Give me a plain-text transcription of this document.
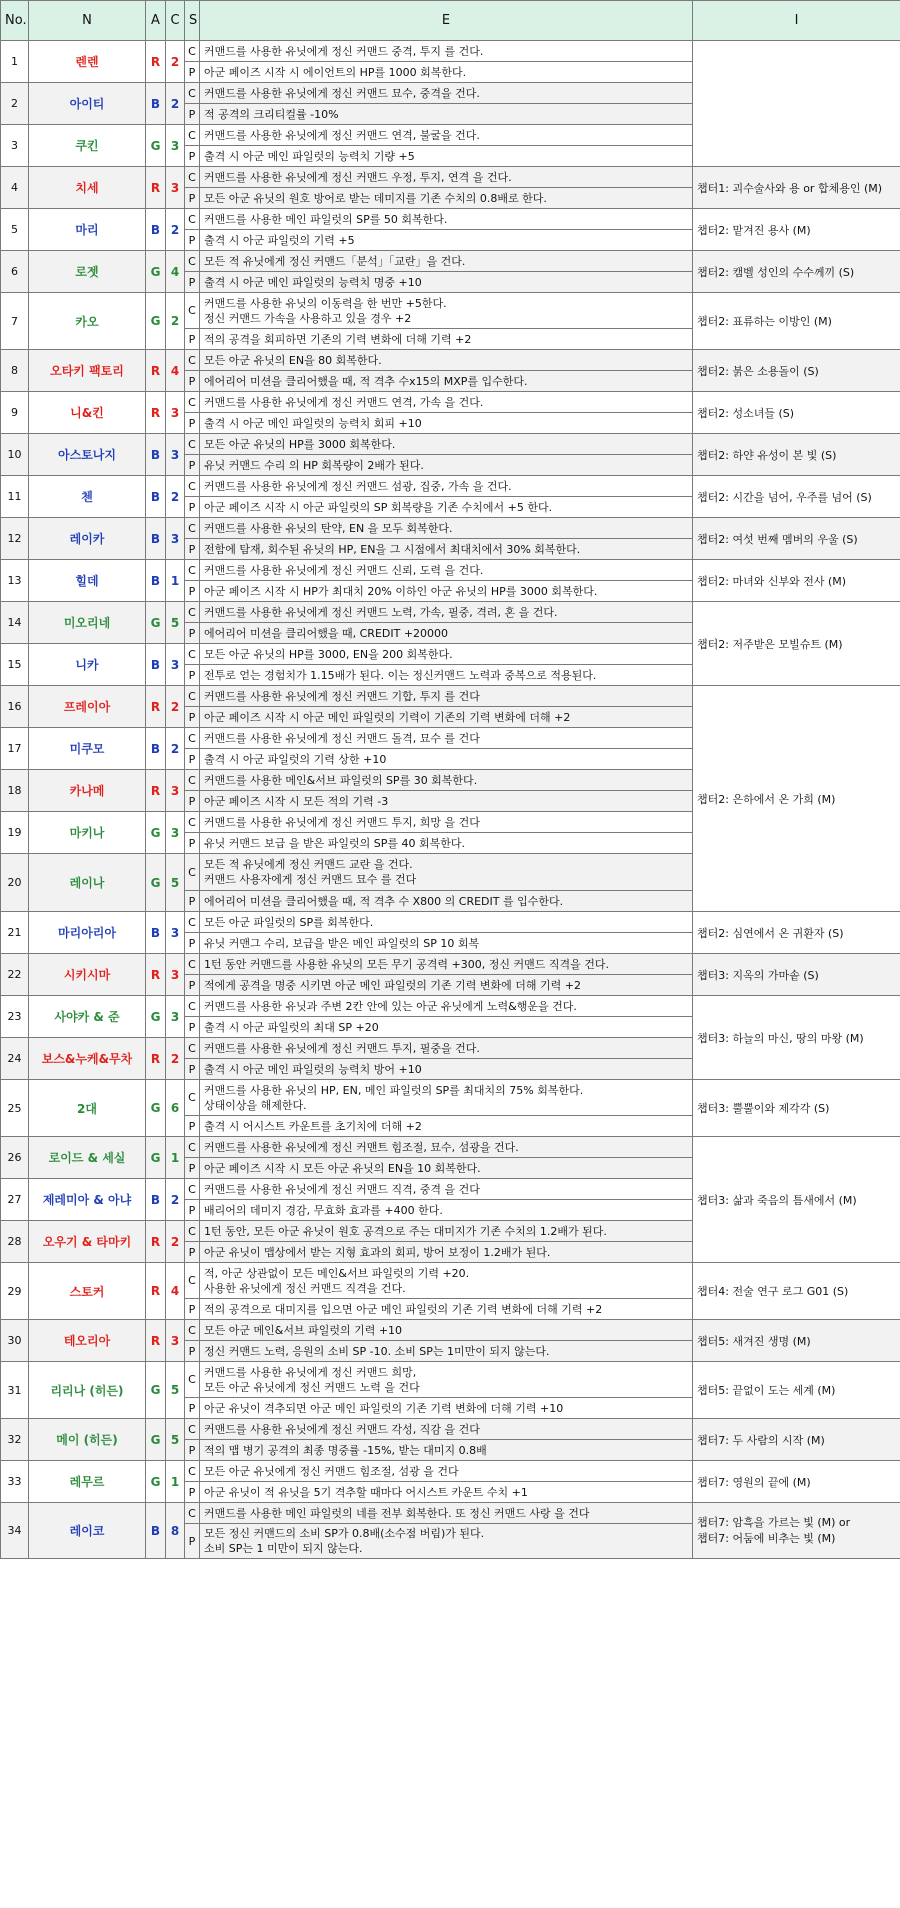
No.	N	A	C	S	E	I
1	렌렌	R	2	C	커맨드를 사용한 유닛에게 정신 커맨드 중격, 투지 를 건다.	
				P	아군 페이즈 시작 시 에이언트의 HP를 1000 회복한다.	
2	아이티	B	2	C	커맨드를 사용한 유닛에게 정신 커맨드 묘수, 중격을 건다.	
				P	적 공격의 크리티컬률 -10%	
3	쿠킨	G	3	C	커맨드를 사용한 유닛에게 정신 커맨드 연격, 불굴을 건다.	
				P	출격 시 아군 메인 파일럿의 능력치 기량 +5	
4	치세	R	3	C	커맨드를 사용한 유닛에게 정신 커맨드 우정, 투지, 연격 을 건다.	챕터1: 괴수술사와 용 or 합체용인 (M)
				P	모든 아군 유닛의 원호 방어로 받는 데미지를 기존 수치의 0.8배로 한다.	
5	마리	B	2	C	커맨드를 사용한 메인 파일럿의 SP를 50 회복한다.	챕터2: 맡겨진 용사 (M)
				P	출격 시 아군 파일럿의 기력 +5	
6	로젯	G	4	C	모든 적 유닛에게 정신 커맨드「분석」「교란」을 건다.	챕터2: 캠벨 성인의 수수께끼 (S)
				P	출격 시 아군 메인 파일럿의 능력치 명중 +10	
7	카오	G	2	C	커맨드를 사용한 유닛의 이동력을 한 번만 +5한다.
정신 커맨드 가속을 사용하고 있을 경우 +2	챕터2: 표류하는 이방인 (M)
				P	적의 공격을 회피하면 기존의 기력 변화에 더해 기력 +2	
8	오타키 팩토리	R	4	C	모든 아군 유닛의 EN을 80 회복한다.	챕터2: 붉은 소용돌이 (S)
				P	에어리어 미션을 클리어했을 때, 적 격추 수x15의 MXP를 입수한다.	
9	니&킨	R	3	C	커맨드를 사용한 유닛에게 정신 커맨드 연격, 가속 을 건다.	챕터2: 성소녀들 (S)
				P	출격 시 아군 메인 파일럿의 능력치 회피 +10	
10	아스토나지	B	3	C	모든 아군 유닛의 HP를 3000 회복한다.	챕터2: 하얀 유성이 본 빛 (S)
				P	유닛 커맨드 수리 의 HP 회복량이 2배가 된다.	
11	첸	B	2	C	커맨드를 사용한 유닛에게 정신 커맨드 섬광, 집중, 가속 을 건다.	챕터2: 시간을 넘어, 우주를 넘어 (S)
				P	아군 페이즈 시작 시 아군 파일럿의 SP 회복량을 기존 수치에서 +5 한다.	
12	레이카	B	3	C	커맨드를 사용한 유닛의 탄약, EN 을 모두 회복한다.	챕터2: 여섯 번째 멤버의 우울 (S)
				P	전함에 탐재, 회수된 유닛의 HP, EN을 그 시점에서 최대치에서 30% 회복한다.	
13	힐데	B	1	C	커맨드를 사용한 유닛에게 정신 커맨드 신뢰, 도력 을 건다.	챕터2: 마녀와 신부와 전사 (M)
				P	아군 페이즈 시작 시 HP가 최대치 20% 이하인 아군 유닛의 HP를 3000 회복한다.	
14	미오리네	G	5	C	커맨드를 사용한 유닛에게 정신 커맨드 노력, 가속, 필중, 격려, 혼 을 건다.	챕터2: 저주받은 모빌슈트 (M)
				P	에어리어 미션을 클리어했을 때, CREDIT +20000	
15	니카	B	3	C	모든 아군 유닛의 HP를 3000, EN을 200 회복한다.	
				P	전투로 얻는 경험치가 1.15배가 된다. 이는 정신커맨드 노력과 중복으로 적용된다.	
16	프레이아	R	2	C	커맨드를 사용한 유닛에게 정신 커맨드 기합, 투지 를 건다	챕터2: 은하에서 온 가희 (M)
				P	아군 페이즈 시작 시 아군 메인 파일럿의 기력이 기존의 기력 변화에 더해 +2	
17	미쿠모	B	2	C	커맨드를 사용한 유닛에게 정신 커맨드 돌격, 묘수 를 건다	
				P	출격 시 아군 파일럿의 기력 상한 +10	
18	카나메	R	3	C	커맨드를 사용한 메인&서브 파일럿의 SP를 30 회복한다.	
				P	아군 페이즈 시작 시 모든 적의 기력 -3	
19	마키나	G	3	C	커맨드를 사용한 유닛에게 정신 커맨드 투지, 희망 을 건다	
				P	유닛 커맨드 보급 을 받은 파일럿의 SP를 40 회복한다.	
20	레이나	G	5	C	모든 적 유닛에게 정신 커맨드 교란 을 건다.
커맨드 사용자에게 정신 커맨드 묘수 를 건다	
				P	에어리어 미션을 클리어했을 때, 적 격추 수 X800 의 CREDIT 를 입수한다.	
21	마리아리아	B	3	C	모든 아군 파일럿의 SP를 회복한다.	챕터2: 심연에서 온 귀환자 (S)
				P	유닛 커맨그 수리, 보급을 받은 메인 파일럿의 SP 10 회복	
22	시키시마	R	3	C	1턴 동안 커맨드를 사용한 유닛의 모든 무기 공격력 +300, 정신 커맨드 직격을 건다.	챕터3: 지옥의 가마솥 (S)
				P	적에게 공격을 명중 시키면 아군 메인 파일럿의 기존 기력 변화에 더해 기력 +2	
23	사야카 & 준	G	3	C	커맨드를 사용한 유닛과 주변 2칸 안에 있는 아군 유닛에게 노력&행운을 건다.	챕터3: 하늘의 마신, 땅의 마왕 (M)
				P	출격 시 아군 파일럿의 최대 SP +20	
24	보스&누케&무차	R	2	C	커맨드를 사용한 유닛에게 정신 커맨드 투지, 필중을 건다.	
				P	출격 시 아군 메인 파일럿의 능력치 방어 +10	
25	2대	G	6	C	커맨드를 사용한 유닛의 HP, EN, 메인 파일럿의 SP를 최대치의 75% 회복한다.
상태이상을 해제한다.	챕터3: 뿔뿔이와 제각각 (S)
				P	출격 시 어시스트 카운트를 초기치에 더해 +2	
26	로이드 & 세실	G	1	C	커맨드를 사용한 유닛에게 정신 커맨트 힘조절, 묘수, 섬광을 건다.	챕터3: 삶과 죽음의 틈새에서 (M)
				P	아군 페이즈 시작 시 모든 아군 유닛의 EN을 10 회복한다.	
27	제레미아 & 아냐	B	2	C	커맨드를 사용한 유닛에게 정신 커맨드 직격, 중격 을 건다	
				P	배리어의 데미지 경감, 무효화 효과를 +400 한다.	
28	오우기 & 타마키	R	2	C	1턴 동안, 모든 아군 유닛이 원호 공격으로 주는 대미지가 기존 수치의 1.2배가 된다.	
				P	아군 유닛이 맵상에서 받는 지형 효과의 회피, 방어 보정이 1.2배가 된다.	
29	스토커	R	4	C	적, 아군 상관없이 모든 메인&서브 파일럿의 기력 +20.
사용한 유닛에게 정신 커맨드 직격을 건다.	챕터4: 전술 연구 로그 G01 (S)
				P	적의 공격으로 대미지를 입으면 아군 메인 파일럿의 기존 기력 변화에 더해 기력 +2	
30	테오리아	R	3	C	모든 아군 메인&서브 파일럿의 기력 +10	챕터5: 새겨진 생명 (M)
				P	정신 커맨드 노력, 응원의 소비 SP -10. 소비 SP는 1미만이 되지 않는다.	
31	리리나 (히든)	G	5	C	커맨드를 사용한 유닛에게 정신 커맨드 희망,
모든 아군 유닛에게 정신 커맨드 노력 을 건다	챕터5: 끝없이 도는 세계 (M)
				P	아군 유닛이 격추되면 아군 메인 파일럿의 기존 기력 변화에 더해 기력 +10	
32	메이 (히든)	G	5	C	커맨드를 사용한 유닛에게 정신 커맨드 각성, 직감 을 건다	챕터7: 두 사람의 시작 (M)
				P	적의 맵 병기 공격의 최종 명중률 -15%, 받는 대미지 0.8배	
33	레무르	G	1	C	모든 아군 유닛에게 정신 커맨드 힘조절, 섬광 을 건다	챕터7: 영원의 끝에 (M)
				P	아군 유닛이 적 유닛을 5기 격추할 때마다 어시스트 카운트 수치 +1	
34	레이코	B	8	C	커맨드를 사용한 메인 파일럿의 네를 전부 회복한다. 또 정신 커맨드 사랑 을 건다	챕터7: 암흑을 가르는 빛 (M) or
챕터7: 어둠에 비추는 빛 (M)
				P	모든 정신 커맨드의 소비 SP가 0.8배(소수점 버림)가 된다.
소비 SP는 1 미만이 되지 않는다.	
